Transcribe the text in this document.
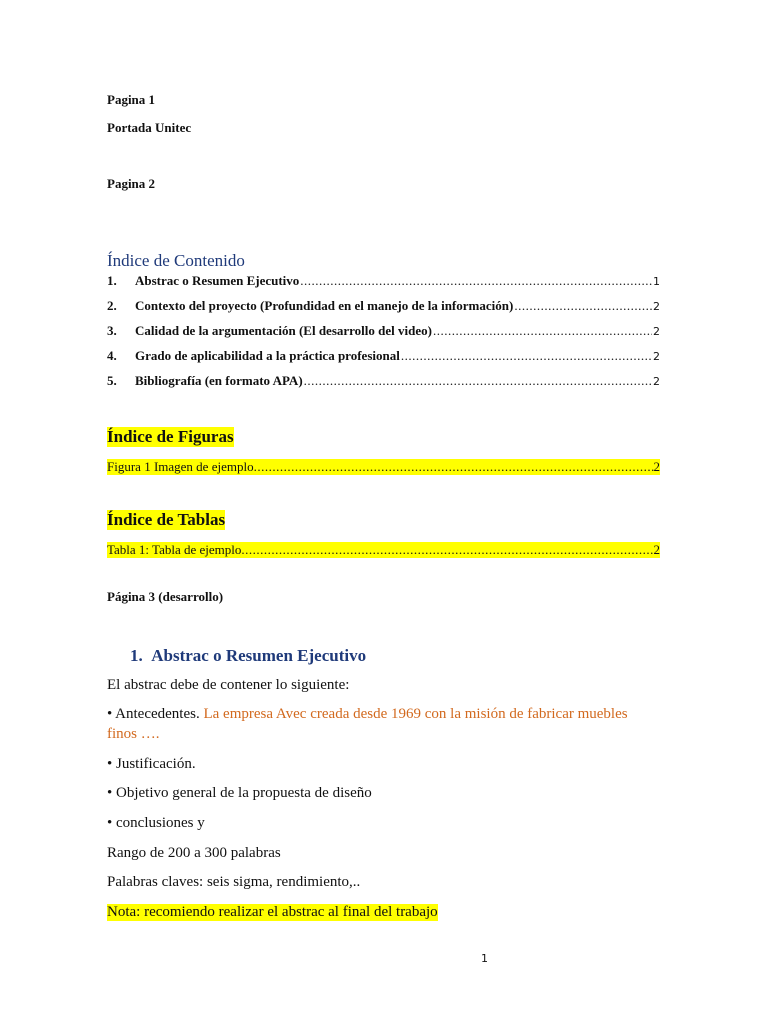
Pagina 1
Portada Unitec
Pagina 2
Índice de Contenido
1.	Abstrac o Resumen Ejecutivo .....	1
2.	Contexto del proyecto (Profundidad en el manejo de la información) .....	2
3.	Calidad de la argumentación (El desarrollo del video) .....	2
4.	Grado de aplicabilidad a la práctica profesional .....	2
5.	Bibliografía (en formato APA) .....	2
Índice de Figuras
Figura 1 Imagen de ejemplo .....	2
Índice de Tablas
Tabla 1: Tabla de ejemplo .....	2
Página 3 (desarrollo)
1. Abstrac o Resumen Ejecutivo
El abstrac debe de contener lo siguiente:
• Antecedentes. La empresa Avec creada desde 1969 con la misión de fabricar muebles
finos ….
• Justificación.
• Objetivo general de la propuesta de diseño
• conclusiones y
Rango de 200 a 300 palabras
Palabras claves: seis sigma, rendimiento,..
Nota: recomiendo realizar el abstrac al final del trabajo
1
